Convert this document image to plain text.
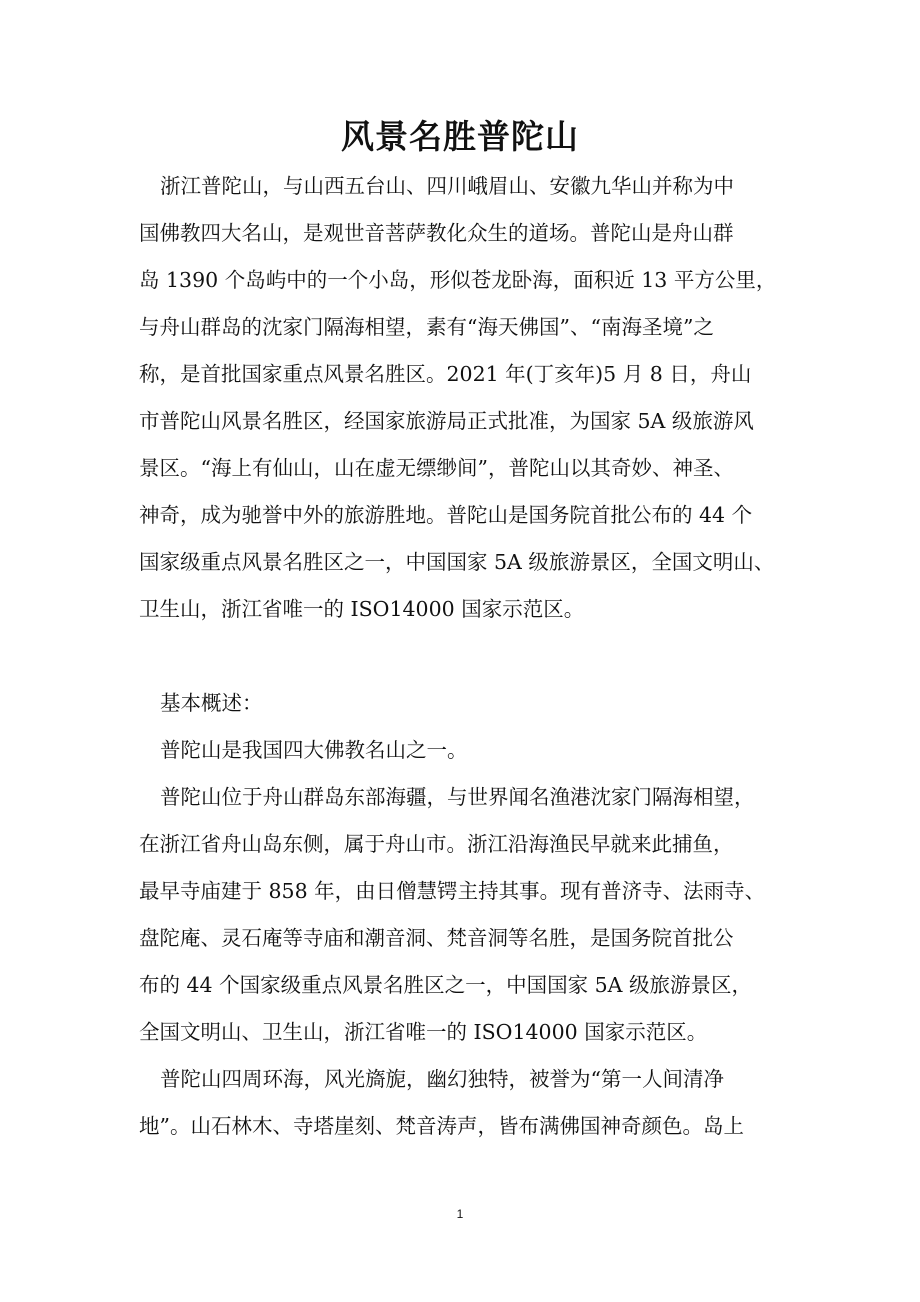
风景名胜普陀山
浙江普陀山，与山西五台山、四川峨眉山、安徽九华山并称为中
国佛教四大名山，是观世音菩萨教化众生的道场。普陀山是舟山群
岛 1390 个岛屿中的一个小岛，形似苍龙卧海，面积近 13 平方公里，
与舟山群岛的沈家门隔海相望，素有“海天佛国”、“南海圣境”之
称，是首批国家重点风景名胜区。2021 年(丁亥年)5 月 8 日，舟山
市普陀山风景名胜区，经国家旅游局正式批准，为国家 5A 级旅游风
景区。“海上有仙山，山在虚无缥缈间”，普陀山以其奇妙、神圣、
神奇，成为驰誉中外的旅游胜地。普陀山是国务院首批公布的 44 个
国家级重点风景名胜区之一，中国国家 5A 级旅游景区，全国文明山、
卫生山，浙江省唯一的 ISO14000 国家示范区。
基本概述：
普陀山是我国四大佛教名山之一。
普陀山位于舟山群岛东部海疆，与世界闻名渔港沈家门隔海相望，
在浙江省舟山岛东侧，属于舟山市。浙江沿海渔民早就来此捕鱼，
最早寺庙建于 858 年，由日僧慧锷主持其事。现有普济寺、法雨寺、
盘陀庵、灵石庵等寺庙和潮音洞、梵音洞等名胜，是国务院首批公
布的 44 个国家级重点风景名胜区之一，中国国家 5A 级旅游景区，
全国文明山、卫生山，浙江省唯一的 ISO14000 国家示范区。
普陀山四周环海，风光旖旎，幽幻独特，被誉为“第一人间清净
地”。山石林木、寺塔崖刻、梵音涛声，皆布满佛国神奇颜色。岛上
1
